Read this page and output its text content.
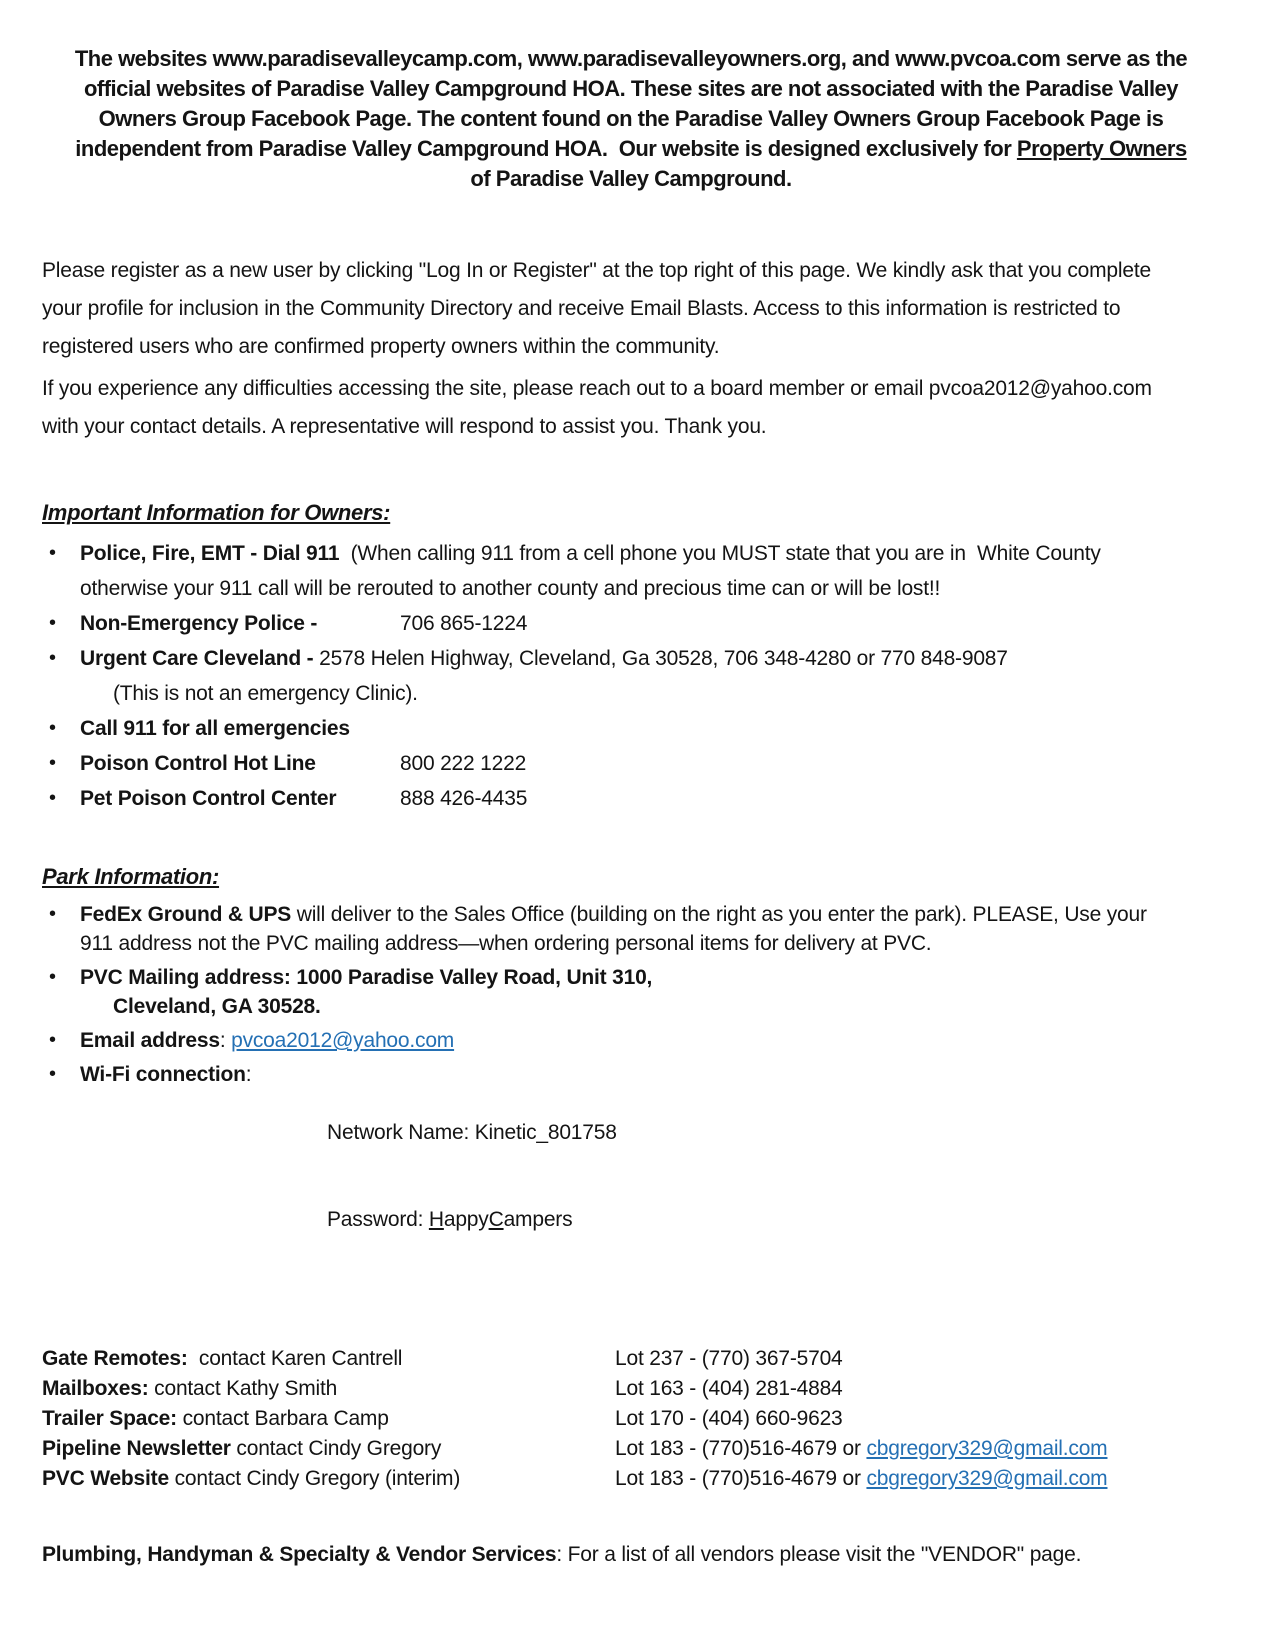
The websites www.paradisevalleycamp.com, www.paradisevalleyowners.org, and www.pvcoa.com serve as the official websites of Paradise Valley Campground HOA. These sites are not associated with the Paradise Valley Owners Group Facebook Page. The content found on the Paradise Valley Owners Group Facebook Page is independent from Paradise Valley Campground HOA.  Our website is designed exclusively for Property Owners of Paradise Valley Campground.

Please register as a new user by clicking "Log In or Register" at the top right of this page. We kindly ask that you complete your profile for inclusion in the Community Directory and receive Email Blasts. Access to this information is restricted to registered users who are confirmed property owners within the community.

If you experience any difficulties accessing the site, please reach out to a board member or email pvcoa2012@yahoo.com with your contact details. A representative will respond to assist you. Thank you.

Important Information for Owners:
• Police, Fire, EMT - Dial 911  (When calling 911 from a cell phone you MUST state that you are in  White County otherwise your 911 call will be rerouted to another county and precious time can or will be lost!!
• Non-Emergency Police -	706 865-1224
• Urgent Care Cleveland - 2578 Helen Highway, Cleveland, Ga 30528, 706 348-4280 or 770 848-9087
(This is not an emergency Clinic).
• Call 911 for all emergencies
• Poison Control Hot Line	800 222 1222
• Pet Poison Control Center	888 426-4435
Park Information:
• FedEx Ground & UPS will deliver to the Sales Office (building on the right as you enter the park). PLEASE, Use your 911 address not the PVC mailing address—when ordering personal items for delivery at PVC.
• PVC Mailing address: 1000 Paradise Valley Road, Unit 310,
Cleveland, GA 30528.
• Email address: pvcoa2012@yahoo.com
• Wi-Fi connection:

Network Name: Kinetic_801758

Password: HappyCampers

Gate Remotes:  contact Karen Cantrell	Lot 237 - (770) 367-5704
Mailboxes: contact Kathy Smith	Lot 163 - (404) 281-4884
Trailer Space: contact Barbara Camp	Lot 170 - (404) 660-9623
Pipeline Newsletter contact Cindy Gregory	Lot 183 - (770)516-4679 or cbgregory329@gmail.com
PVC Website contact Cindy Gregory (interim)	Lot 183 - (770)516-4679 or cbgregory329@gmail.com

Plumbing, Handyman & Specialty & Vendor Services: For a list of all vendors please visit the "VENDOR" page.
